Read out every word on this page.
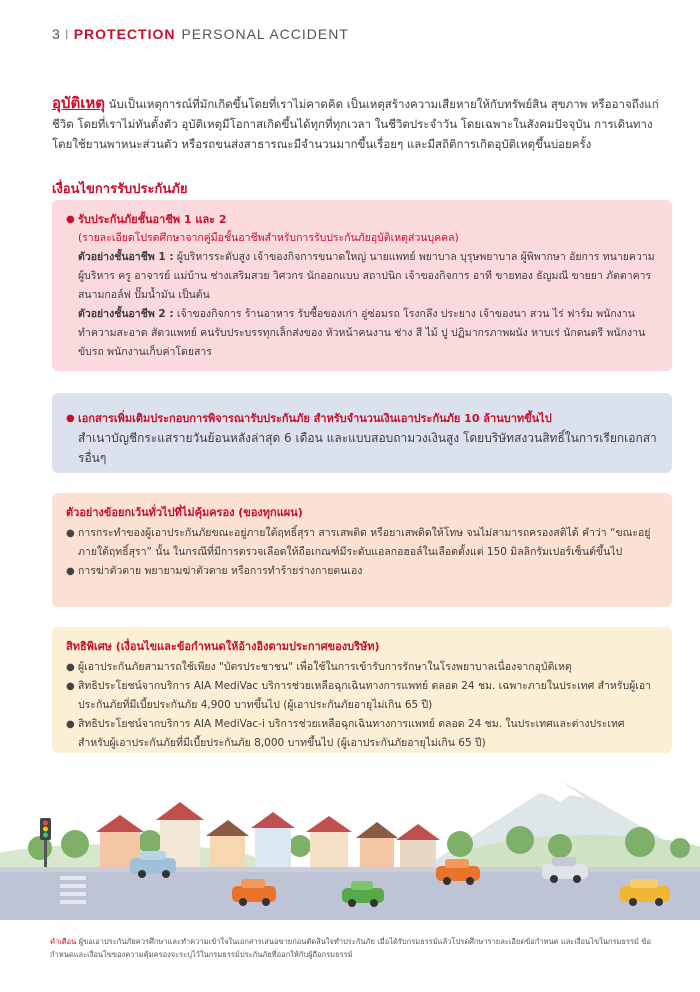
3 I PROTECTION PERSONAL ACCIDENT

อุบัติเหตุ นับเป็นเหตุการณ์ที่มักเกิดขึ้นโดยที่เราไม่คาดคิด เป็นเหตุสร้างความเสียหายให้กับทรัพย์สิน สุขภาพ หรืออาจถึงแก่ชีวิต โดยที่เราไม่ทันตั้งตัว อุบัติเหตุมีโอกาสเกิดขึ้นได้ทุกที่ทุกเวลา ในชีวิตประจำวัน โดยเฉพาะในสังคมปัจจุบัน การเดินทางโดยใช้ยานพาหนะส่วนตัว หรือรถขนส่งสาธารณะมีจำนวนมากขึ้นเรื่อยๆ และมีสถิติการเกิดอุบัติเหตุขึ้นบ่อยครั้ง

เงื่อนไขการรับประกันภัย
● รับประกันภัยชั้นอาชีพ 1 และ 2
(รายละเอียดโปรดศึกษาจากคู่มือชั้นอาชีพสำหรับการรับประกันภัยอุบัติเหตุส่วนบุคคล)
ตัวอย่างชั้นอาชีพ 1 : ผู้บริหารระดับสูง เจ้าของกิจการขนาดใหญ่ นายแพทย์ พยาบาล บุรุษพยาบาล ผู้พิพากษา อัยการ ทนายความ ผู้บริหาร ครู อาจารย์ แม่บ้าน ช่างเสริมสวย วิศวกร นักออกแบบ สถาปนิก เจ้าของกิจการ อาที ขายทอง ธัญมณี ขายยา ภัตตาคาร สนามกอล์ฟ ปั๊มน้ำมัน เป็นต้น
ตัวอย่างชั้นอาชีพ 2 : เจ้าของกิจการ ร้านอาหาร รับซื้อของเก่า อู่ซ่อมรถ โรงกลึง ประยาง เจ้าของนา สวน ไร่ ฟาร์ม พนักงานทำความสะอาด สัตวแพทย์ คนรับประบรรทุกเล็กส่งของ หัวหน้าคนงาน ช่าง สี ไม้ ปู ปฏิมากรภาพผนัง หาบเร่ นักดนตรี พนักงานขับรถ พนักงานเก็บค่าโดยสาร
● เอกสารเพิ่มเติมประกอบการพิจารณารับประกันภัย สำหรับจำนวนเงินเอาประกันภัย 10 ล้านบาทขึ้นไป
สำเนาบัญชีกระแสรายวันย้อนหลังล่าสุด 6 เดือน และแบบสอบถามวงเงินสูง โดยบริษัทสงวนสิทธิ์ในการเรียกเอกสารอื่นๆ
ตัวอย่างข้อยกเว้นทั่วไปที่ไม่คุ้มครอง (ของทุกแผน)
● การกระทำของผู้เอาประกันภัยขณะอยู่ภายใต้ฤทธิ์สุรา สารเสพติด หรือยาเสพติดให้โทษ จนไม่สามารถครองสติได้ คำว่า “ขณะอยู่ภายใต้ฤทธิ์สุรา” นั้น ในกรณีที่มีการตรวจเลือดให้ถือเกณฑ์มีระดับแอลกอฮอล์ในเลือดตั้งแต่ 150 มิลลิกรัมเปอร์เซ็นต์ขึ้นไป
● การฆ่าตัวตาย พยายามฆ่าตัวตาย หรือการทำร้ายร่างกายตนเอง
สิทธิพิเศษ (เงื่อนไขและข้อกำหนดให้อ้างอิงตามประกาศของบริษัท)
● ผู้เอาประกันภัยสามารถใช้เพียง "บัตรประชาชน" เพื่อใช้ในการเข้ารับการรักษาในโรงพยาบาลเนื่องจากอุบัติเหตุ
● สิทธิประโยชน์จากบริการ AIA MediVac บริการช่วยเหลือฉุกเฉินทางการแพทย์ ตลอด 24 ชม. เฉพาะภายในประเทศ สำหรับผู้เอาประกันภัยที่มีเบี้ยประกันภัย 4,900 บาทขึ้นไป (ผู้เอาประกันภัยอายุไม่เกิน 65 ปี)
● สิทธิประโยชน์จากบริการ AIA MediVac-i บริการช่วยเหลือฉุกเฉินทางการแพทย์ ตลอด 24 ชม. ในประเทศและต่างประเทศ สำหรับผู้เอาประกันภัยที่มีเบี้ยประกันภัย 8,000 บาทขึ้นไป (ผู้เอาประกันภัยอายุไม่เกิน 65 ปี)

คำเตือน ผู้ขอเอาประกันภัยควรศึกษาและทำความเข้าใจในเอกสารเสนอขายก่อนตัดสินใจทำประกันภัย เมื่อได้รับกรมธรรม์แล้วโปรดศึกษารายละเอียดข้อกำหนด และเงื่อนไขในกรมธรรม์ ข้อกำหนดและเงื่อนไขของความคุ้มครองจะระบุไว้ในกรมธรรม์ประกันภัยที่ออกให้กับผู้ถือกรมธรรม์
